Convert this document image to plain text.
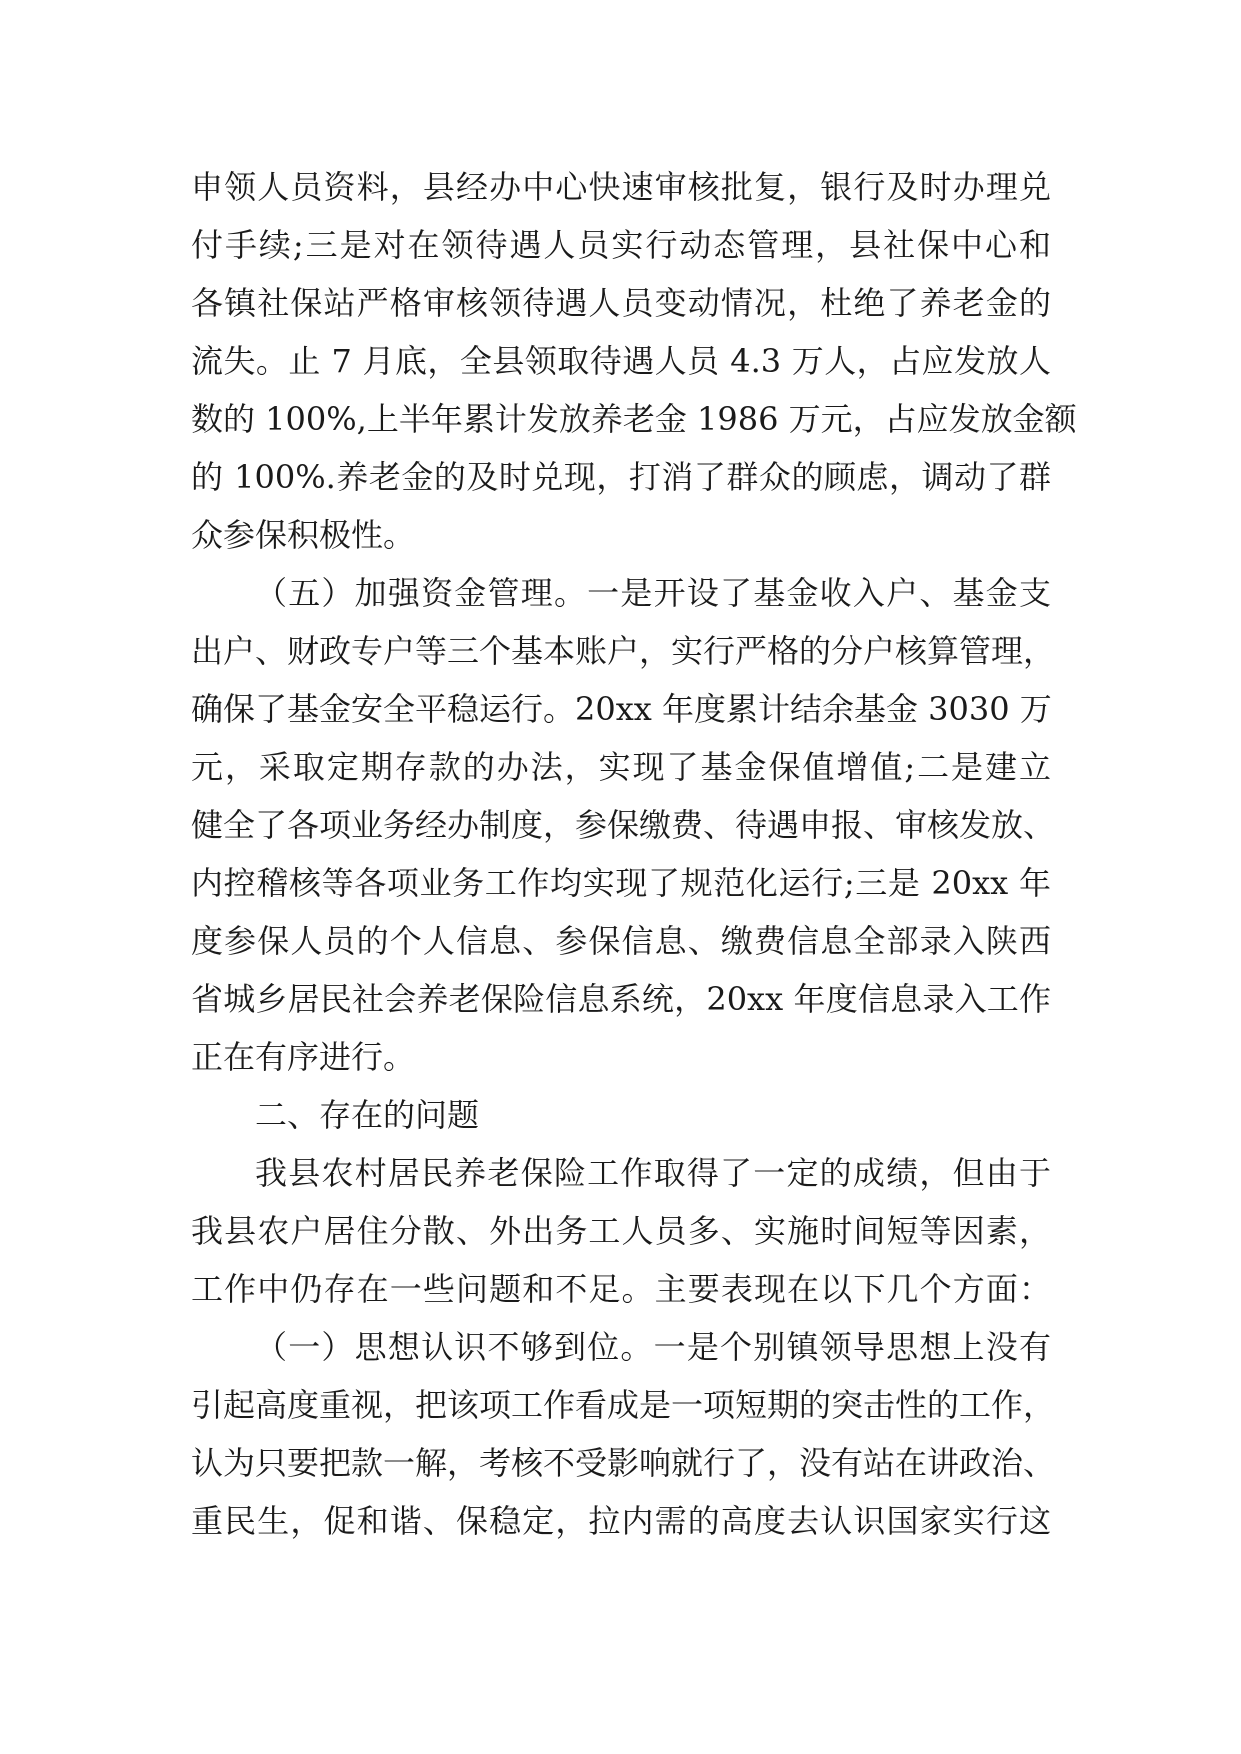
申领人员资料，县经办中心快速审核批复，银行及时办理兑
付手续;三是对在领待遇人员实行动态管理，县社保中心和
各镇社保站严格审核领待遇人员变动情况，杜绝了养老金的
流失。止 7 月底，全县领取待遇人员 4.3 万人，占应发放人
数的 100%,上半年累计发放养老金 1986 万元，占应发放金额
的 100%.养老金的及时兑现，打消了群众的顾虑，调动了群
众参保积极性。
（五）加强资金管理。一是开设了基金收入户、基金支
出户、财政专户等三个基本账户，实行严格的分户核算管理，
确保了基金安全平稳运行。20xx 年度累计结余基金 3030 万
元，采取定期存款的办法，实现了基金保值增值;二是建立
健全了各项业务经办制度，参保缴费、待遇申报、审核发放、
内控稽核等各项业务工作均实现了规范化运行;三是 20xx 年
度参保人员的个人信息、参保信息、缴费信息全部录入陕西
省城乡居民社会养老保险信息系统，20xx 年度信息录入工作
正在有序进行。
二、存在的问题
我县农村居民养老保险工作取得了一定的成绩，但由于
我县农户居住分散、外出务工人员多、实施时间短等因素，
工作中仍存在一些问题和不足。主要表现在以下几个方面：
（一）思想认识不够到位。一是个别镇领导思想上没有
引起高度重视，把该项工作看成是一项短期的突击性的工作，
认为只要把款一解，考核不受影响就行了，没有站在讲政治、
重民生，促和谐、保稳定，拉内需的高度去认识国家实行这
